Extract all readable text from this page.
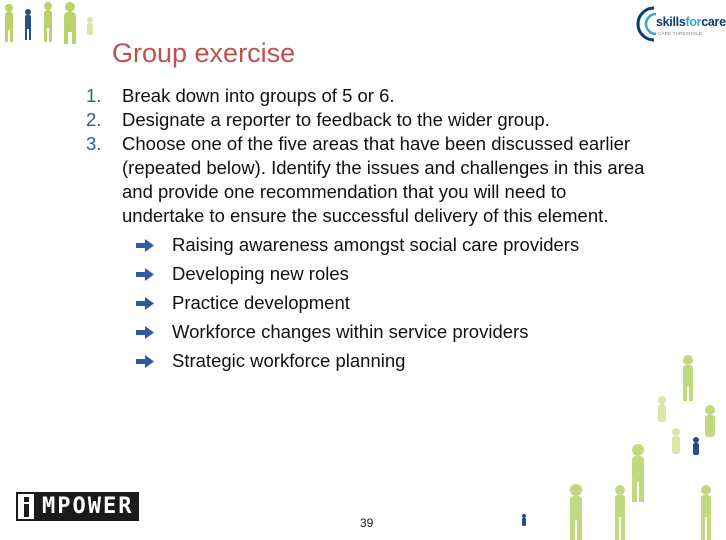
Group exercise
skillsforcare
CARE THRESHOLD
1. Break down into groups of 5 or 6.
2. Designate a reporter to feedback to the wider group.
3. Choose one of the five areas that have been discussed earlier (repeated below). Identify the issues and challenges in this area and provide one recommendation that you will need to undertake to ensure the successful delivery of this element.
Raising awareness amongst social care providers
Developing new roles
Practice development
Workforce changes within service providers
Strategic workforce planning
MPOWER
39
